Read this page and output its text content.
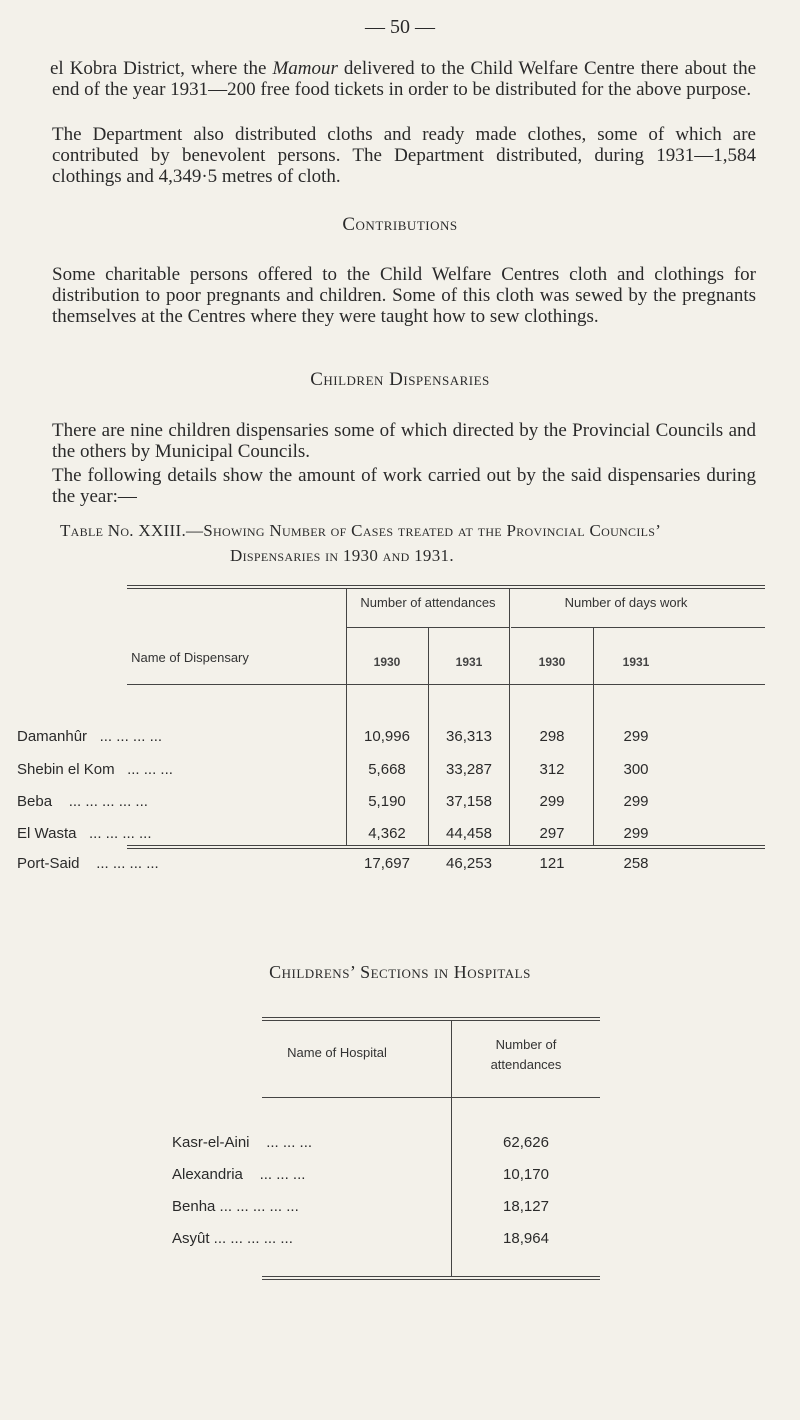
— 50 —

el Kobra District, where the Mamour delivered to the Child Welfare Centre there about the end of the year 1931—200 free food tickets in order to be distributed for the above purpose.

The Department also distributed cloths and ready made clothes, some of which are contributed by benevolent persons. The Department distributed, during 1931—1,584 clothings and 4,349·5 metres of cloth.

Contributions

Some charitable persons offered to the Child Welfare Centres cloth and clothings for distribution to poor pregnants and children. Some of this cloth was sewed by the pregnants themselves at the Centres where they were taught how to sew clothings.

Children Dispensaries

There are nine children dispensaries some of which directed by the Provincial Councils and the others by Municipal Councils.

The following details show the amount of work carried out by the said dispensaries during the year:—

Table No. XXIII.—Showing Number of Cases treated at the Provincial Councils’
Dispensaries in 1930 and 1931.
Name of Dispensary
Number of attendances	Number of days work
1930	1931	1930	1931
Damanhûr ... ... ... ...	10,996	36,313	298	299
Shebin el Kom ... ... ...	5,668	33,287	312	300
Beba ... ... ... ... ...	5,190	37,158	299	299
El Wasta ... ... ... ...	4,362	44,458	297	299
Port-Said ... ... ... ...	17,697	46,253	121	258
Childrens’ Sections in Hospitals
Name of Hospital
Number of
attendances
Kasr-el-Aini ... ... ...	62,626
Alexandria ... ... ...	10,170
Benha ... ... ... ... ...	18,127
Asyût ... ... ... ... ...	18,964
